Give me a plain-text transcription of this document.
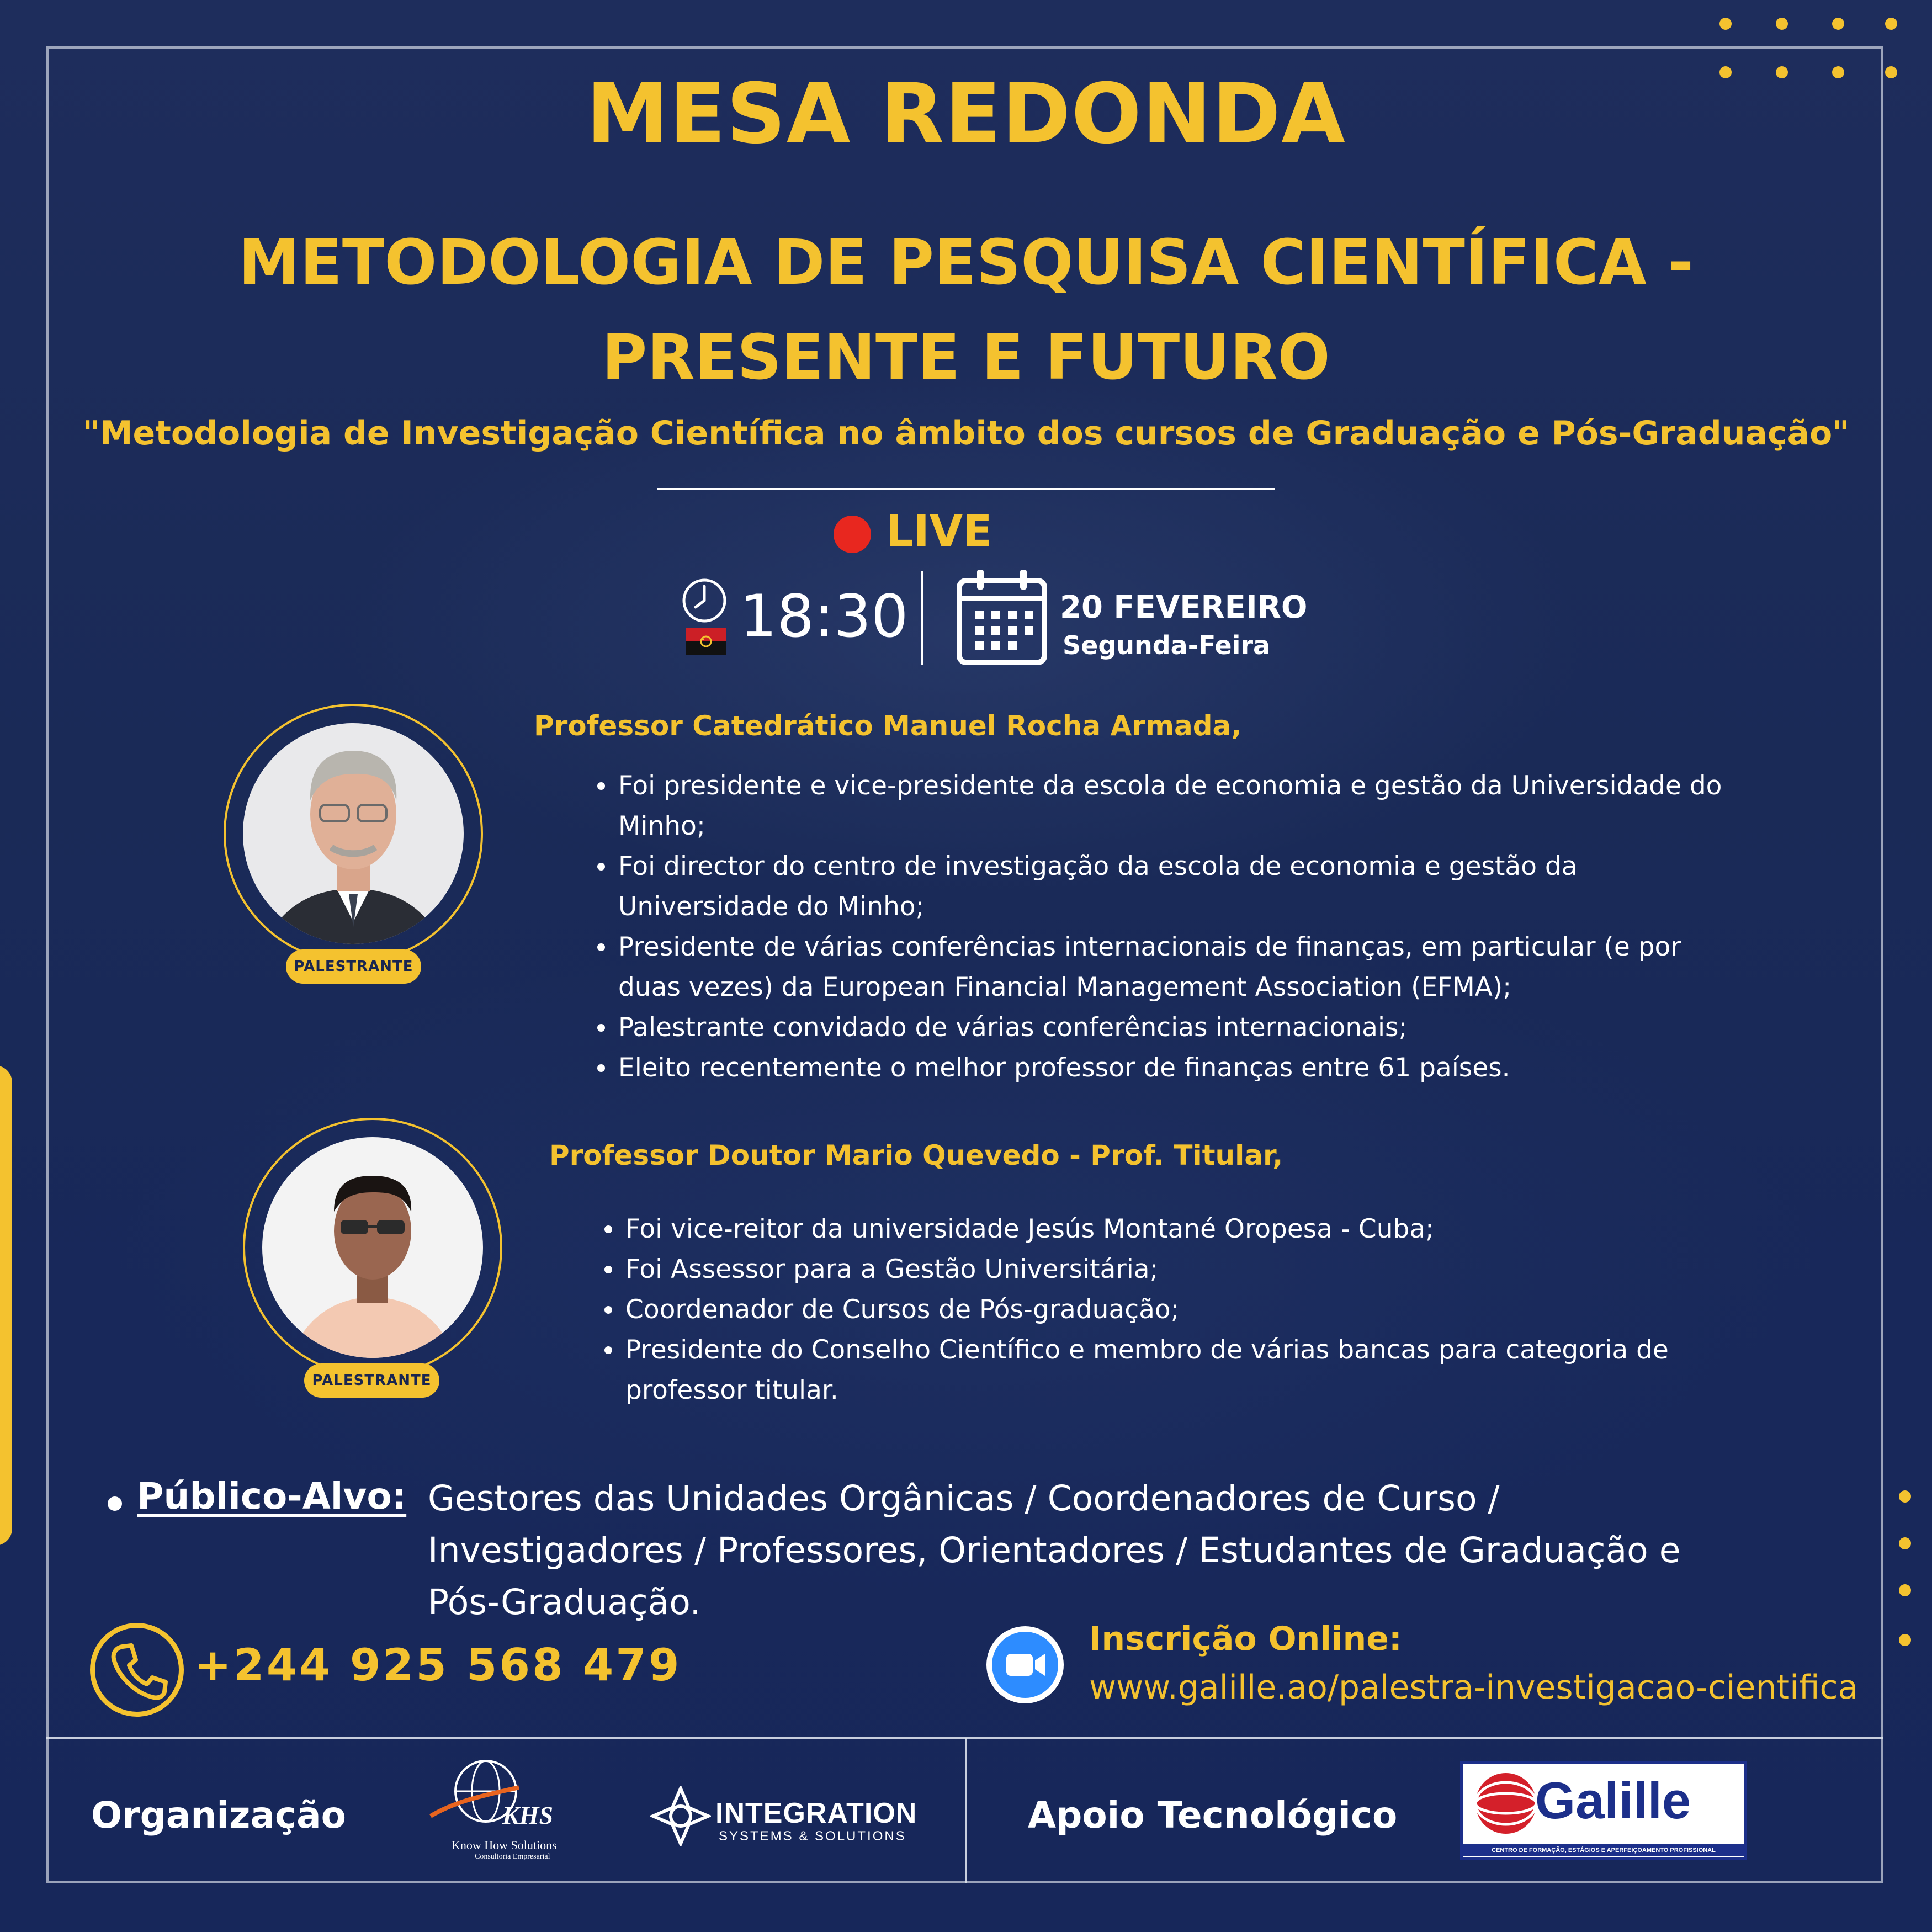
MESA REDONDA
METODOLOGIA DE PESQUISA CIENTÍFICA -
PRESENTE E FUTURO
"Metodologia de Investigação Científica no âmbito dos cursos de Graduação e Pós-Graduação"
LIVE
18:30	20 FEVEREIRO
Segunda-Feira
PALESTRANTE
Professor Catedrático Manuel Rocha Armada,
Foi presidente e vice-presidente da escola de economia e gestão da Universidade do Minho;
Foi director do centro de investigação da escola de economia e gestão da Universidade do Minho;
Presidente de várias conferências internacionais de finanças, em particular (e por duas vezes) da European Financial Management Association (EFMA);
Palestrante convidado de várias conferências internacionais;
Eleito recentemente o melhor professor de finanças entre 61 países.
PALESTRANTE
Professor Doutor Mario Quevedo - Prof. Titular,
Foi vice-reitor da universidade Jesús Montané Oropesa - Cuba;
Foi Assessor para a Gestão Universitária;
Coordenador de Cursos de Pós-graduação;
Presidente do Conselho Científico e membro de várias bancas para categoria de professor titular.
Público-Alvo: Gestores das Unidades Orgânicas / Coordenadores de Curso / Investigadores / Professores, Orientadores / Estudantes de Graduação e Pós-Graduação.
+244 925 568 479
Inscrição Online:
www.galille.ao/palestra-investigacao-cientifica
Organização	KHS
Know How Solutions
Consultoria Empresarial
INTEGRATION
SYSTEMS & SOLUTIONS	Apoio Tecnológico	Galille
CENTRO DE FORMAÇÃO, ESTÁGIOS E APERFEIÇOAMENTO PROFISSIONAL
